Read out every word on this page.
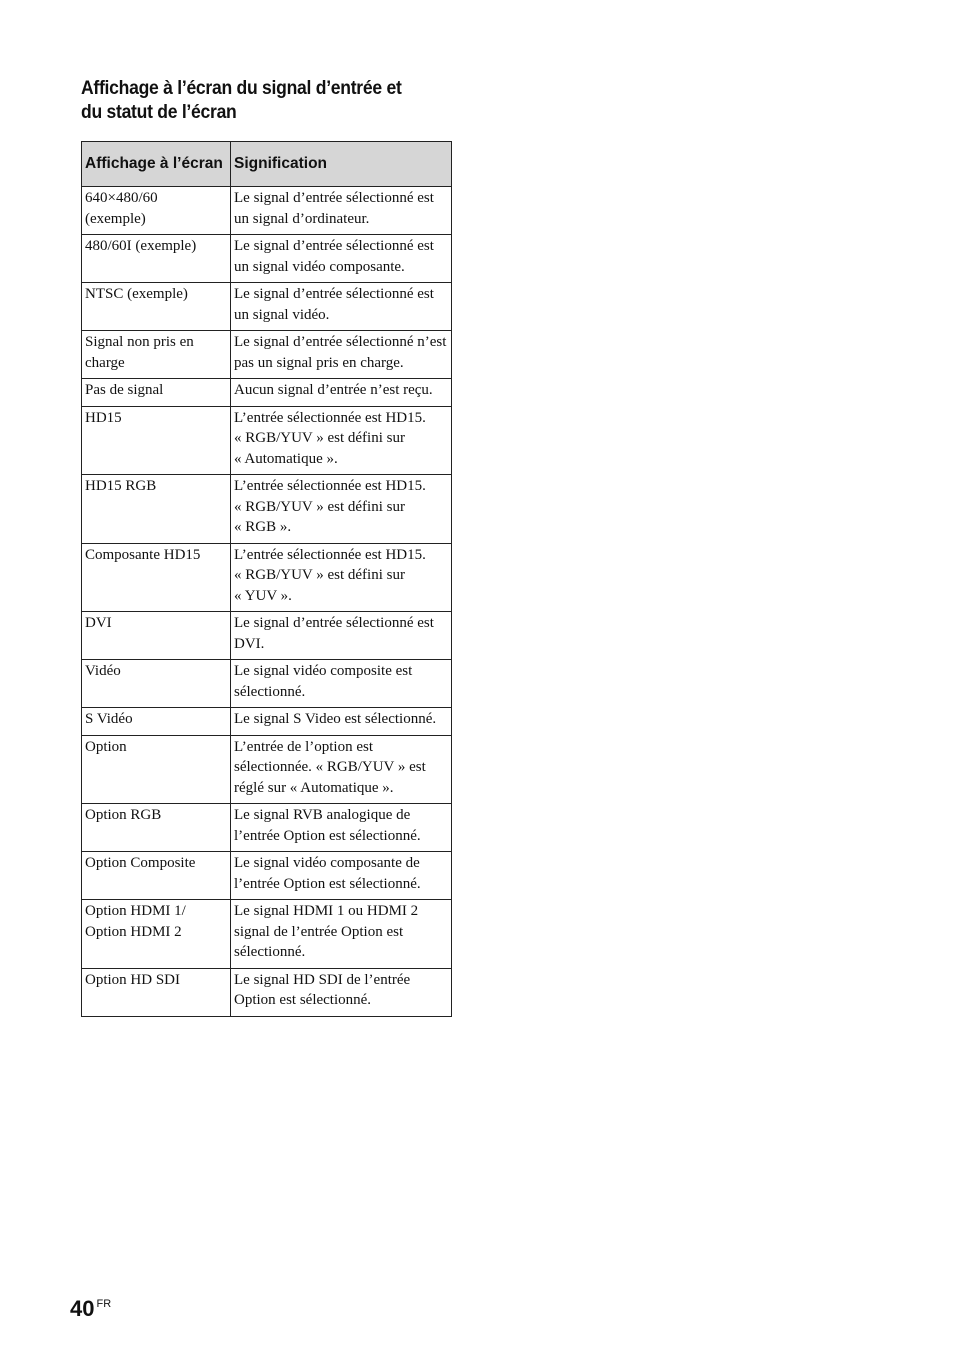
Affichage à l’écran du signal d’entrée et du statut de l’écran
Affichage à l’écran	Signification
640×480/60
(exemple)	Le signal d’entrée sélectionné est un signal d’ordinateur.
480/60I (exemple)	Le signal d’entrée sélectionné est un signal vidéo composante.
NTSC (exemple)	Le signal d’entrée sélectionné est un signal vidéo.
Signal non pris en charge	Le signal d’entrée sélectionné n’est pas un signal pris en charge.
Pas de signal	Aucun signal d’entrée n’est reçu.
HD15	L’entrée sélectionnée est HD15.
« RGB/YUV » est défini sur
« Automatique ».
HD15 RGB	L’entrée sélectionnée est HD15.
« RGB/YUV » est défini sur
« RGB ».
Composante HD15	L’entrée sélectionnée est HD15.
« RGB/YUV » est défini sur
« YUV ».
DVI	Le signal d’entrée sélectionné est DVI.
Vidéo	Le signal vidéo composite est sélectionné.
S Vidéo	Le signal S Video est sélectionné.
Option	L’entrée de l’option est sélectionnée. « RGB/YUV » est réglé sur « Automatique ».
Option RGB	Le signal RVB analogique de l’entrée Option est sélectionné.
Option Composite	Le signal vidéo composante de l’entrée Option est sélectionné.
Option HDMI 1/
Option HDMI 2	Le signal HDMI 1 ou HDMI 2 signal de l’entrée Option est sélectionné.
Option HD SDI	Le signal HD SDI de l’entrée Option est sélectionné.
40 $^{FR}$
